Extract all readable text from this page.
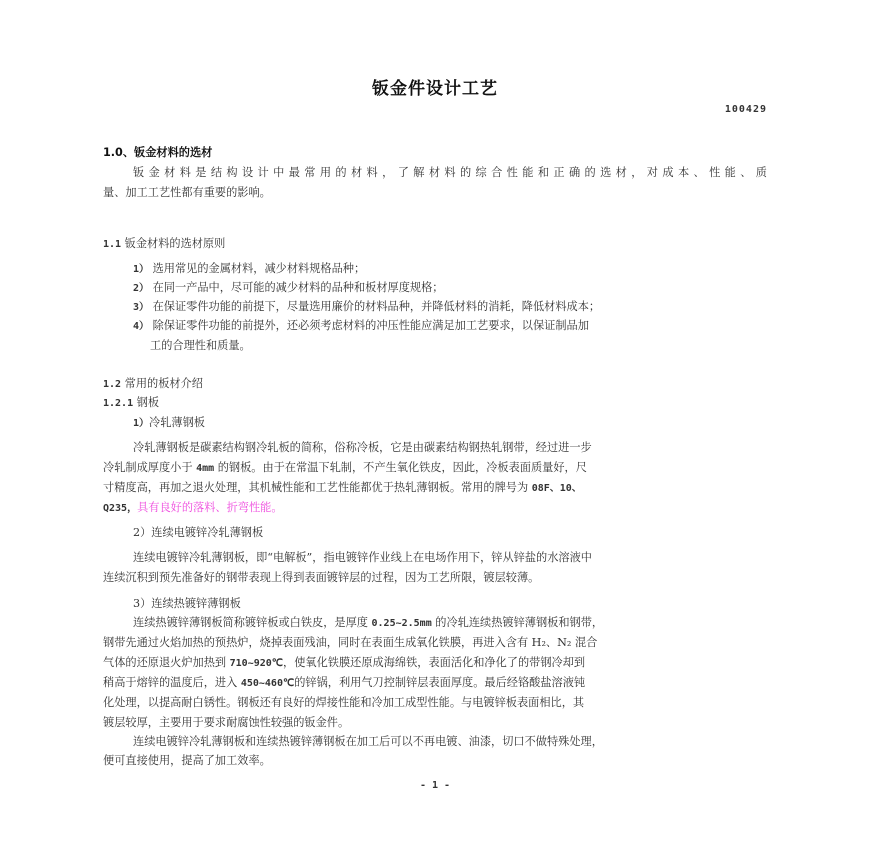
钣金件设计工艺
100429
1.0、钣金材料的选材
钣金材料是结构设计中最常用的材料，了解材料的综合性能和正确的选材，对成本、性能、质
量、加工工艺性都有重要的影响。
1.1 钣金材料的选材原则
1） 选用常见的金属材料，减少材料规格品种；
2） 在同一产品中，尽可能的减少材料的品种和板材厚度规格；
3） 在保证零件功能的前提下，尽量选用廉价的材料品种，并降低材料的消耗，降低材料成本；
4） 除保证零件功能的前提外，还必须考虑材料的冲压性能应满足加工艺要求，以保证制品加
工的合理性和质量。
1.2 常用的板材介绍
1.2.1 钢板
1）冷轧薄钢板
冷轧薄钢板是碳素结构钢冷轧板的简称，俗称冷板，它是由碳素结构钢热轧钢带，经过进一步
冷轧制成厚度小于 4mm 的钢板。由于在常温下轧制，不产生氧化铁皮，因此，冷板表面质量好，尺
寸精度高，再加之退火处理，其机械性能和工艺性能都优于热轧薄钢板。常用的牌号为 08F、10、
Q235，具有良好的落料、折弯性能。
2）连续电镀锌冷轧薄钢板
连续电镀锌冷轧薄钢板，即“电解板”，指电镀锌作业线上在电场作用下，锌从锌盐的水溶液中
连续沉积到预先准备好的钢带表现上得到表面镀锌层的过程，因为工艺所限，镀层较薄。
3）连续热镀锌薄钢板
连续热镀锌薄钢板简称镀锌板或白铁皮，是厚度 0.25~2.5mm 的冷轧连续热镀锌薄钢板和钢带，
钢带先通过火焰加热的预热炉，烧掉表面残油，同时在表面生成氧化铁膜，再进入含有 H₂、N₂ 混合
气体的还原退火炉加热到 710~920℃，使氧化铁膜还原成海绵铁，表面活化和净化了的带钢冷却到
稍高于熔锌的温度后，进入 450~460℃的锌锅，利用气刀控制锌层表面厚度。最后经铬酸盐溶液钝
化处理，以提高耐白锈性。钢板还有良好的焊接性能和冷加工成型性能。与电镀锌板表面相比，其
镀层较厚，主要用于要求耐腐蚀性较强的钣金件。
连续电镀锌冷轧薄钢板和连续热镀锌薄钢板在加工后可以不再电镀、油漆，切口不做特殊处理，
便可直接使用，提高了加工效率。
- 1 -
